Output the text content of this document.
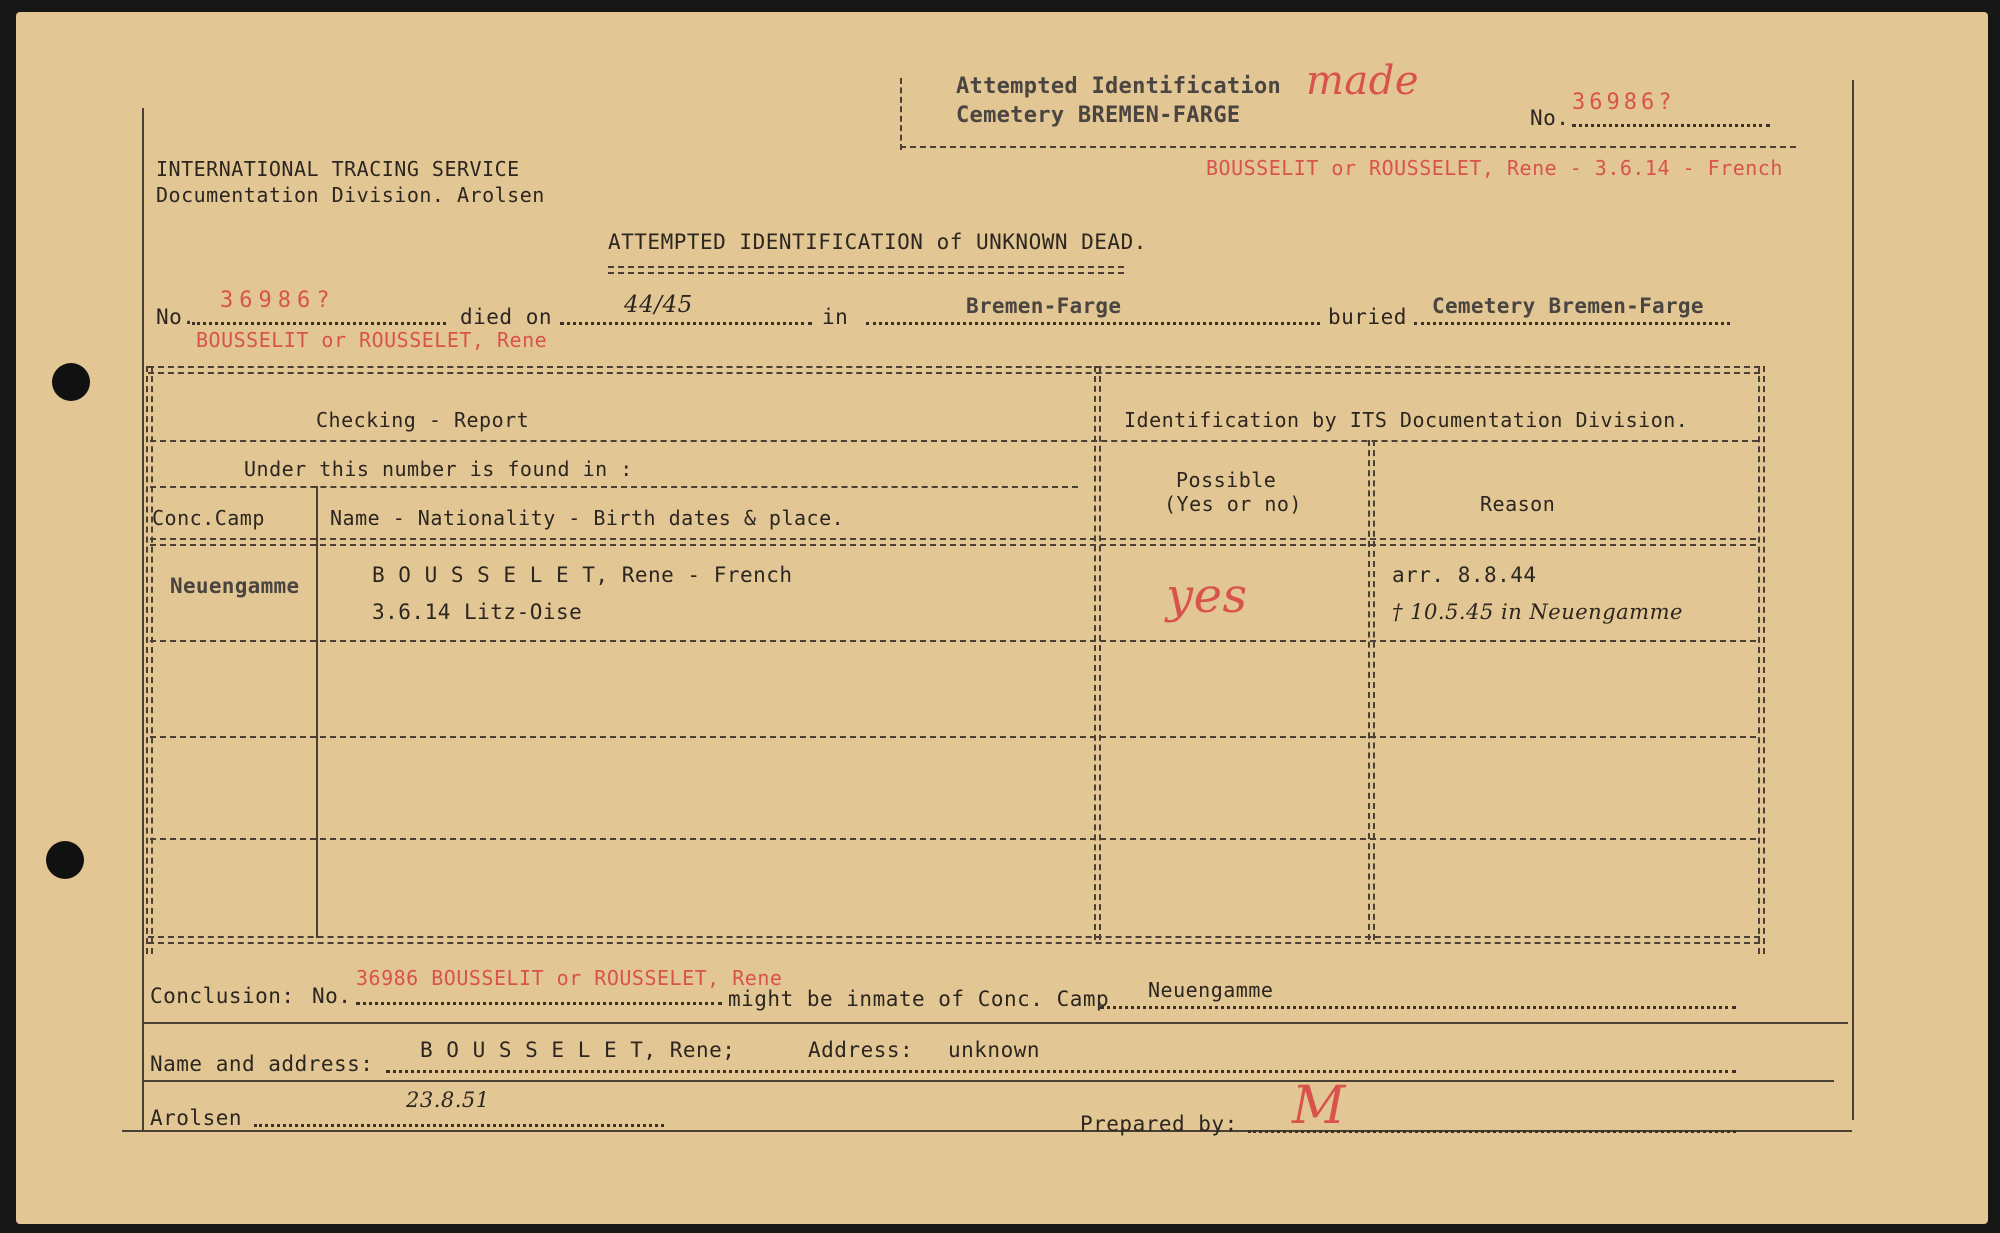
Attempted Identification
Cemetery BREMEN-FARGE
made
No.
36986?
INTERNATIONAL TRACING SERVICE
Documentation Division. Arolsen
BOUSSELIT or ROUSSELET, Rene - 3.6.14 - French
ATTEMPTED IDENTIFICATION of UNKNOWN DEAD.
No.
36986?
died on	44/45	in	Bremen-Farge	buried Cemetery Bremen-Farge
BOUSSELIT or ROUSSELET, Rene
Checking - Report	Identification by ITS Documentation Division.
Under this number is found in :
Conc.Camp	Name - Nationality - Birth dates & place.
Possible
(Yes or no)	Reason
Neuengamme	B O U S S E L E T, Rene - French
3.6.14 Litz-Oise	yes	arr. 8.8.44
† 10.5.45 in Neuengamme
Conclusion: No.
36986 BOUSSELIT or ROUSSELET, Rene
might be inmate of Conc. Camp Neuengamme
Name and address:
B O U S S E L E T, Rene;	Address: unknown
Arolsen
23.8.51
Prepared by: M
